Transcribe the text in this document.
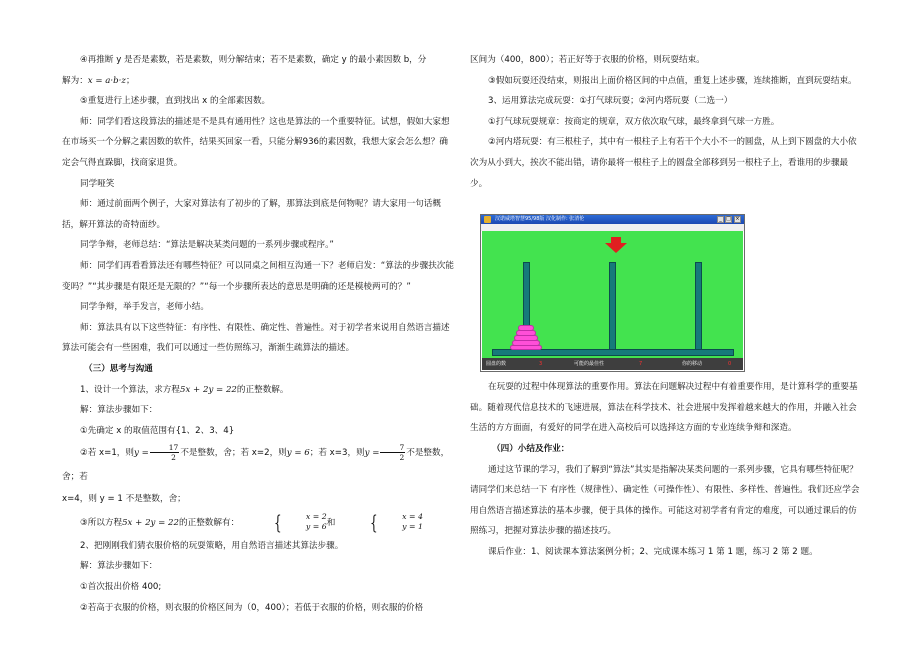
④再推断 y 是否是素数，若是素数，则分解结束；若不是素数，确定 y 的最小素因数 b，分

解为：x = a·b·z；

⑤重复进行上述步骤，直到找出 x 的全部素因数。

师：同学们看这段算法的描述是不是具有通用性？这也是算法的一个重要特征。试想，假如大家想在市场买一个分解之素因数的软件，结果买回家一看，只能分解936的素因数，我想大家会怎么想？确定会气得直跺脚，找商家退货。

同学哑笑

师：通过前面两个例子，大家对算法有了初步的了解，那算法到底是何物呢？请大家用一句话概括，解开算法的奇特面纱。

同学争辩，老师总结：“算法是解决某类问题的一系列步骤或程序。”

师：同学们再看看算法还有哪些特征？可以同桌之间相互沟通一下？老师启发：“算法的步骤扶次能变吗？”“其步骤是有限还是无限的？”“每一个步骤所表达的意思是明确的还是模棱两可的？”

同学争辩，举手发言，老师小结。

师：算法具有以下这些特征：有序性、有限性、确定性、普遍性。对于初学者来说用自然语言描述算法可能会有一些困难，我们可以通过一些仿照练习，渐渐生疏算法的描述。

（三）思考与沟通

1、设计一个算法，求方程5x + 2y = 22的正整数解。

解：算法步骤如下：

①先确定 x 的取值范围有{1、2、3、4}

②若 x=1，则$y = \frac{17}{2}$ 不是整数，舍；若 x=2，则y = 6；若 x=3，则$y = \frac{7}{2}$ 不是整数，舍；若

x=4，则 y = 1 不是整数，舍；

③所以方程5x + 2y = 22的正整数解有： {	x = 2
y = 6 和 {	x = 4
y = 1

2、把刚刚我们猜衣服价格的玩耍策略，用自然语言描述其算法步骤。

解：算法步骤如下：

①首次报出价格 400;

②若高于衣服的价格，则衣服的价格区间为（0，400）；若低于衣服的价格，则衣服的价格

区间为（400，800）；若正好等于衣服的价格，则玩耍结束。

③假如玩耍还没结束，则报出上面价格区间的中点值，重复上述步骤，连续推断，直到玩耍结束。

3、运用算法完成玩耍：①打气球玩耍；②河内塔玩耍（二选一）

①打气球玩耍规章：按商定的规章，双方依次取气球，最终拿到气球一方胜。

②河内塔玩耍：有三根柱子，其中有一根柱子上有若干个大小不一的圆盘，从上到下圆盘的大小依次为从小到大，挨次不能出错，请你最将一根柱子上的圆盘全部移到另一根柱子上，看谁用的步骤最少。

在玩耍的过程中体现算法的重要作用。算法在问题解决过程中有着重要作用，是计算科学的重要基础。随着现代信息技术的飞速进展，算法在科学技术、社会进展中发挥着越来越大的作用，并融入社会生活的方方面面，有爱好的同学在进入高校后可以选择这方面的专业连续争辩和深造。

（四）小结及作业：

通过这节课的学习，我们了解到“算法”其实是指解决某类问题的一系列步骤，它具有哪些特征呢？请同学们来总结一下 有序性（规律性）、确定性（可操作性）、有限性、多样性、普遍性。我们还应学会用自然语言描述算法的基本步骤，便于具体的操作。可能这对初学者有肯定的难度，可以通过课后的仿照练习，把握对算法步骤的描述技巧。

课后作业：1、阅读课本算法案例分析；2、完成课本练习 1 第 1 题，练习 2 第 2 题。

汉诺威塔智慧95/98版 汉化制作: 张清伦	_ □ ×
圆盘的数	3	可能的最佳性	7	你的移动	0
